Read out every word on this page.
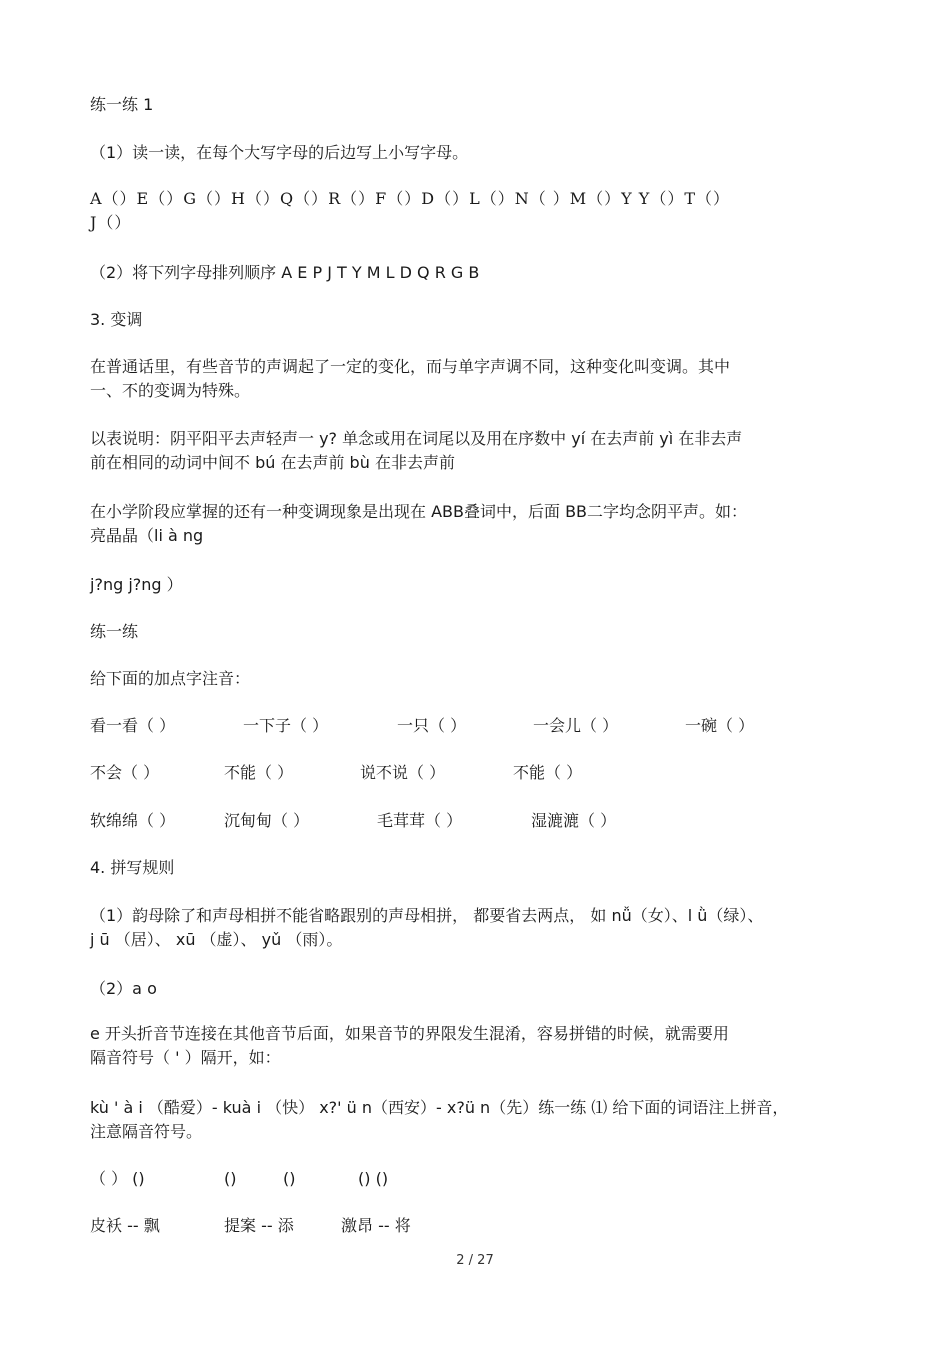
练一练 1
（1）读一读，在每个大写字母的后边写上小写字母。
A（）E（）G（）H（）Q（）R（）F（）D（）L（）N（ ）M（）Y Y（）T（）
J（）
（2）将下列字母排列顺序 A E P J T Y M L D Q R G B
3. 变调
在普通话里，有些音节的声调起了一定的变化，而与单字声调不同，这种变化叫变调。其中
一、不的变调为特殊。
以表说明：阴平阳平去声轻声一 y? 单念或用在词尾以及用在序数中 yí 在去声前 yì 在非去声
前在相同的动词中间不 bú 在去声前 bù 在非去声前
在小学阶段应掌握的还有一种变调现象是出现在 ABB叠词中，后面 BB二字均念阴平声。如：
亮晶晶（li à ng
j?ng j?ng ）
练一练
给下面的加点字注音：
看一看（ ）	一下子（ ）	一只（ ）	一会儿（ ）	一碗（ ）
不会（ ）	不能（ ）	说不说（ ）	不能（ ）
软绵绵（ ）	沉甸甸（ ）	毛茸茸（ ）	湿漉漉（ ）
4. 拼写规则
（1）韵母除了和声母相拼不能省略跟别的声母相拼， 都要省去两点， 如 nǚ（女）、l ǜ（绿）、
j ū （居）、 xū （虚）、 yǔ （雨）。
（2）a o
e 开头折音节连接在其他音节后面，如果音节的界限发生混淆，容易拼错的时候，就需要用
隔音符号（ ' ）隔开，如：
kù ' à i （酷爱）- kuà i （快） x?' ü n（西安）- x?ü n（先）练一练 ⑴ 给下面的词语注上拼音，
注意隔音符号。
（ ） ()	()	()	() ()
皮袄 -- 飘	提案 -- 添	激昂 -- 将
2 / 27
